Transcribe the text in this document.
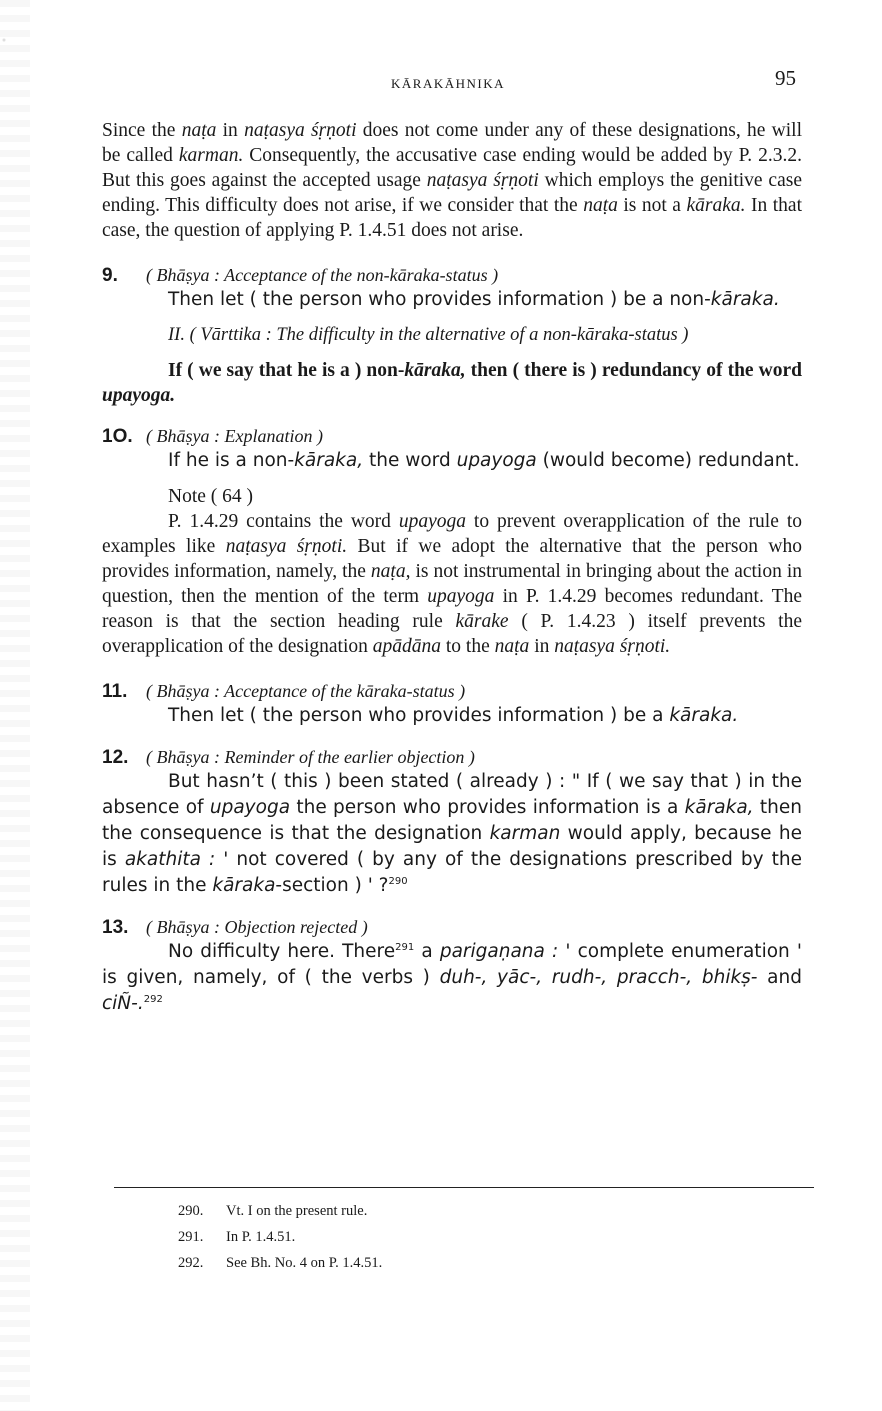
KĀRAKĀHNIKA	95

Since the naṭa in naṭasya śṛṇoti does not come under any of these designations, he will be called karman. Consequently, the accusative case ending would be added by P. 2.3.2. But this goes against the accepted usage naṭasya śṛṇoti which employs the genitive case ending. This difficulty does not arise, if we consider that the naṭa is not a kāraka. In that case, the question of applying P. 1.4.51 does not arise.

9. ( Bhāṣya : Acceptance of the non-kāraka-status )

Then let ( the person who provides information ) be a non-kāraka.

II. ( Vārttika : The difficulty in the alternative of a non-kāraka-status )

If ( we say that he is a ) non-kāraka, then ( there is ) redundancy of the word upayoga.

1O. ( Bhāṣya : Explanation )

If he is a non-kāraka, the word upayoga (would become) redundant.

Note ( 64 )

P. 1.4.29 contains the word upayoga to prevent overapplication of the rule to examples like naṭasya śṛṇoti. But if we adopt the alternative that the person who provides information, namely, the naṭa, is not instrumental in bringing about the action in question, then the mention of the term upayoga in P. 1.4.29 becomes redundant. The reason is that the section heading rule kārake ( P. 1.4.23 ) itself prevents the overapplication of the designation apādāna to the naṭa in naṭasya śṛṇoti.

11. ( Bhāṣya : Acceptance of the kāraka-status )

Then let ( the person who provides information ) be a kāraka.

12. ( Bhāṣya : Reminder of the earlier objection )

But hasn’t ( this ) been stated ( already ) : " If ( we say that ) in the absence of upayoga the person who provides information is a kāraka, then the consequence is that the designation karman would apply, because he is akathita : ' not covered ( by any of the designations prescribed by the rules in the kāraka-section ) ' ?$^{290}$

13. ( Bhāṣya : Objection rejected )

No difficulty here. There$^{291}$ a parigaṇana : ' complete enumeration ' is given, namely, of ( the verbs ) duh-, yāc-, rudh-, pracch-, bhikṣ- and ciÑ-.$^{292}$

290. Vt. I on the present rule.
291. In P. 1.4.51.
292. See Bh. No. 4 on P. 1.4.51.
